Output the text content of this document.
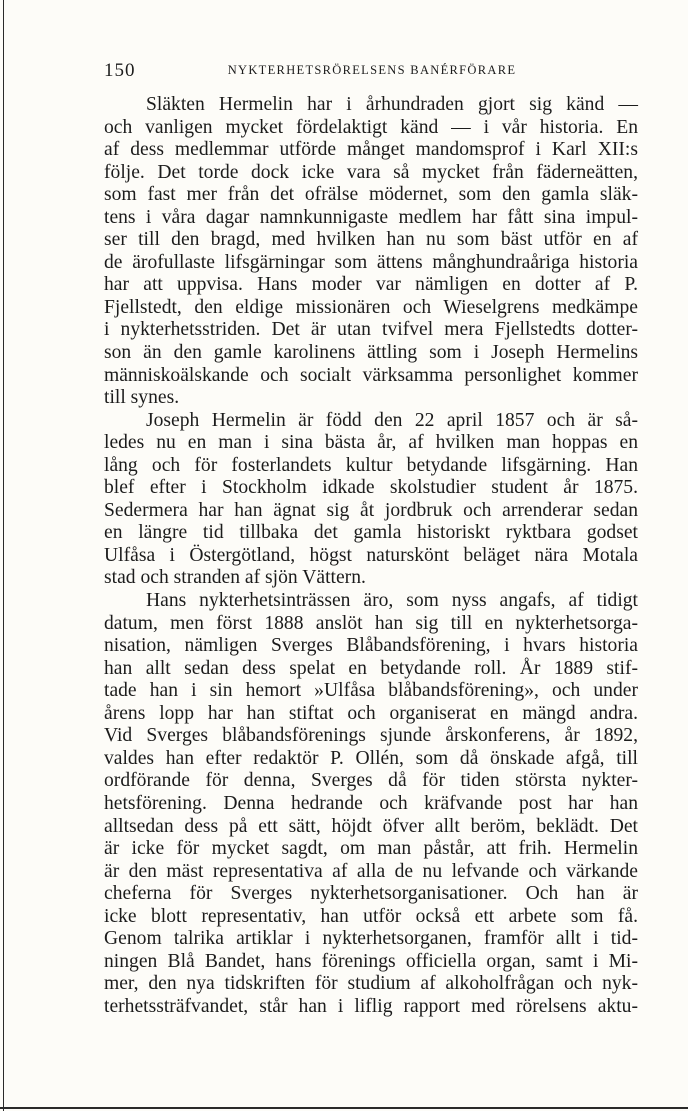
150	NYKTERHETSRÖRELSENS BANÉRFÖRARE
Släkten Hermelin har i århundraden gjort sig känd —
och vanligen mycket fördelaktigt känd — i vår historia. En
af dess medlemmar utförde månget mandomsprof i Karl XII:s
följe. Det torde dock icke vara så mycket från fäderneätten,
som fast mer från det ofrälse mödernet, som den gamla släk-
tens i våra dagar namnkunnigaste medlem har fått sina impul-
ser till den bragd, med hvilken han nu som bäst utför en af
de ärofullaste lifsgärningar som ättens månghundraåriga historia
har att uppvisa. Hans moder var nämligen en dotter af P.
Fjellstedt, den eldige missionären och Wieselgrens medkämpe
i nykterhetsstriden. Det är utan tvifvel mera Fjellstedts dotter-
son än den gamle karolinens ättling som i Joseph Hermelins
människoälskande och socialt värksamma personlighet kommer
till synes.
Joseph Hermelin är född den 22 april 1857 och är så-
ledes nu en man i sina bästa år, af hvilken man hoppas en
lång och för fosterlandets kultur betydande lifsgärning. Han
blef efter i Stockholm idkade skolstudier student år 1875.
Sedermera har han ägnat sig åt jordbruk och arrenderar sedan
en längre tid tillbaka det gamla historiskt ryktbara godset
Ulfåsa i Östergötland, högst naturskönt beläget nära Motala
stad och stranden af sjön Vättern.
Hans nykterhetsinträssen äro, som nyss angafs, af tidigt
datum, men först 1888 anslöt han sig till en nykterhetsorga-
nisation, nämligen Sverges Blåbandsförening, i hvars historia
han allt sedan dess spelat en betydande roll. År 1889 stif-
tade han i sin hemort »Ulfåsa blåbandsförening», och under
årens lopp har han stiftat och organiserat en mängd andra.
Vid Sverges blåbandsförenings sjunde årskonferens, år 1892,
valdes han efter redaktör P. Ollén, som då önskade afgå, till
ordförande för denna, Sverges då för tiden största nykter-
hetsförening. Denna hedrande och kräfvande post har han
alltsedan dess på ett sätt, höjdt öfver allt beröm, beklädt. Det
är icke för mycket sagdt, om man påstår, att frih. Hermelin
är den mäst representativa af alla de nu lefvande och värkande
cheferna för Sverges nykterhetsorganisationer. Och han är
icke blott representativ, han utför också ett arbete som få.
Genom talrika artiklar i nykterhetsorganen, framför allt i tid-
ningen Blå Bandet, hans förenings officiella organ, samt i Mi-
mer, den nya tidskriften för studium af alkoholfrågan och nyk-
terhetssträfvandet, står han i liflig rapport med rörelsens aktu-
